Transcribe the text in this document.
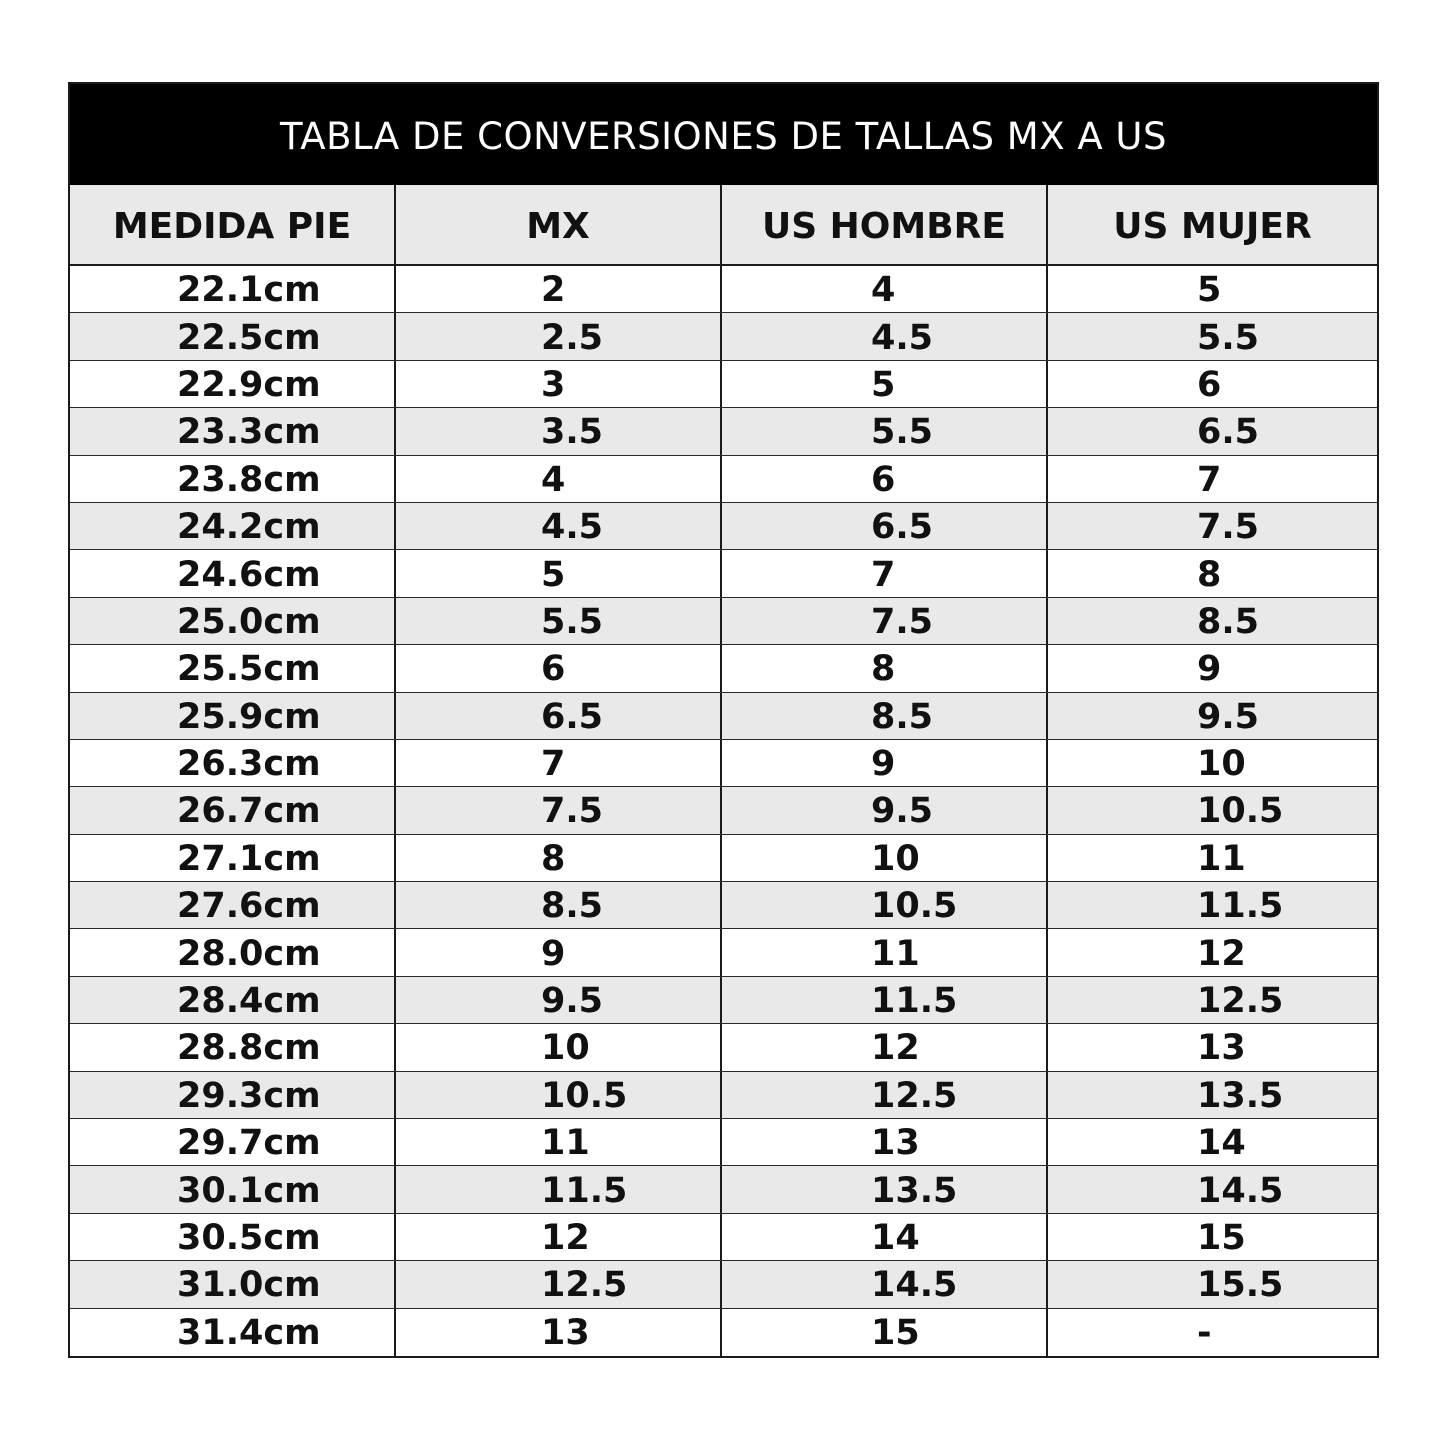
TABLA DE CONVERSIONES DE TALLAS MX A US
MEDIDA PIE	MX	US HOMBRE	US MUJER
22.1cm	2	4	5
22.5cm	2.5	4.5	5.5
22.9cm	3	5	6
23.3cm	3.5	5.5	6.5
23.8cm	4	6	7
24.2cm	4.5	6.5	7.5
24.6cm	5	7	8
25.0cm	5.5	7.5	8.5
25.5cm	6	8	9
25.9cm	6.5	8.5	9.5
26.3cm	7	9	10
26.7cm	7.5	9.5	10.5
27.1cm	8	10	11
27.6cm	8.5	10.5	11.5
28.0cm	9	11	12
28.4cm	9.5	11.5	12.5
28.8cm	10	12	13
29.3cm	10.5	12.5	13.5
29.7cm	11	13	14
30.1cm	11.5	13.5	14.5
30.5cm	12	14	15
31.0cm	12.5	14.5	15.5
31.4cm	13	15	-
